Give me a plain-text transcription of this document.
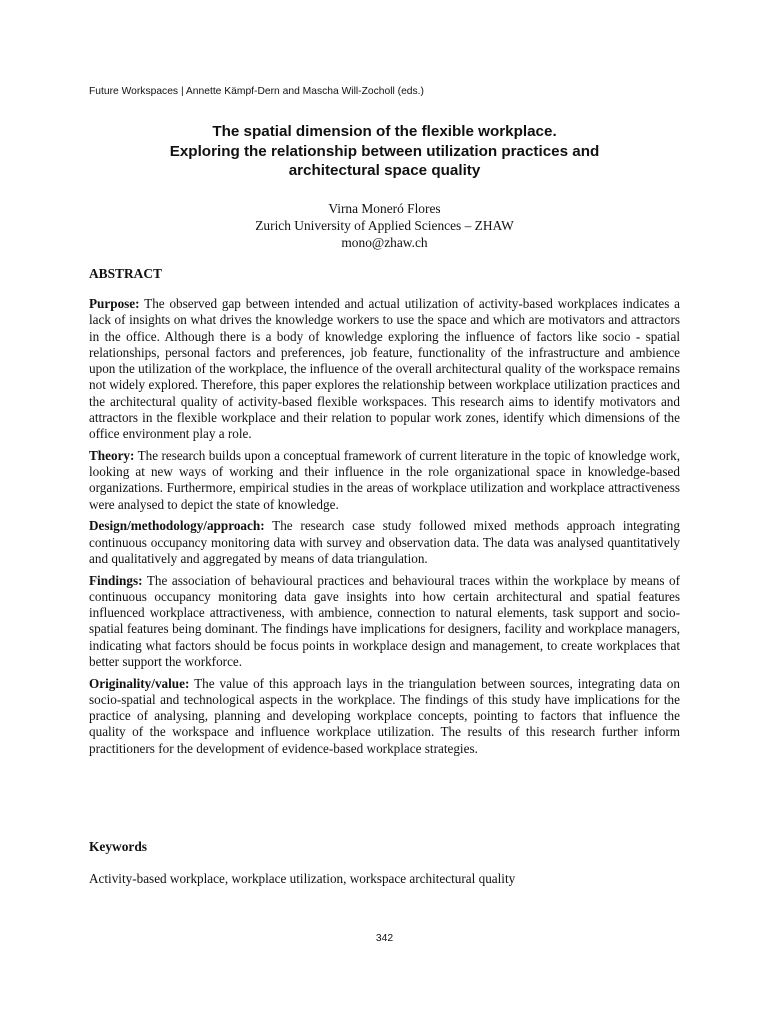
Future Workspaces | Annette Kämpf-Dern and Mascha Will-Zocholl (eds.)
The spatial dimension of the flexible workplace.
Exploring the relationship between utilization practices and
architectural space quality
Virna Moneró Flores
Zurich University of Applied Sciences – ZHAW
mono@zhaw.ch
ABSTRACT

Purpose: The observed gap between intended and actual utilization of activity-based workplaces indicates a lack of insights on what drives the knowledge workers to use the space and which are motivators and attractors in the office. Although there is a body of knowledge exploring the influence of factors like socio - spatial relationships, personal factors and preferences, job feature, functionality of the infrastructure and ambience upon the utilization of the workplace, the influence of the overall architectural quality of the workspace remains not widely explored. Therefore, this paper explores the relationship between workplace utilization practices and the architectural quality of activity-based flexible workspaces. This research aims to identify motivators and attractors in the flexible workplace and their relation to popular work zones, identify which dimensions of the office environment play a role.

Theory: The research builds upon a conceptual framework of current literature in the topic of knowledge work, looking at new ways of working and their influence in the role organizational space in knowledge-based organizations. Furthermore, empirical studies in the areas of workplace utilization and workplace attractiveness were analysed to depict the state of knowledge.

Design/methodology/approach: The research case study followed mixed methods approach integrating continuous occupancy monitoring data with survey and observation data. The data was analysed quantitatively and qualitatively and aggregated by means of data triangulation.

Findings: The association of behavioural practices and behavioural traces within the workplace by means of continuous occupancy monitoring data gave insights into how certain architectural and spatial features influenced workplace attractiveness, with ambience, connection to natural elements, task support and socio-spatial features being dominant. The findings have implications for designers, facility and workplace managers, indicating what factors should be focus points in workplace design and management, to create workplaces that better support the workforce.

Originality/value: The value of this approach lays in the triangulation between sources, integrating data on socio-spatial and technological aspects in the workplace. The findings of this study have implications for the practice of analysing, planning and developing workplace concepts, pointing to factors that influence the quality of the workspace and influence workplace utilization. The results of this research further inform practitioners for the development of evidence-based workplace strategies.

Keywords
Activity-based workplace, workplace utilization, workspace architectural quality
342
